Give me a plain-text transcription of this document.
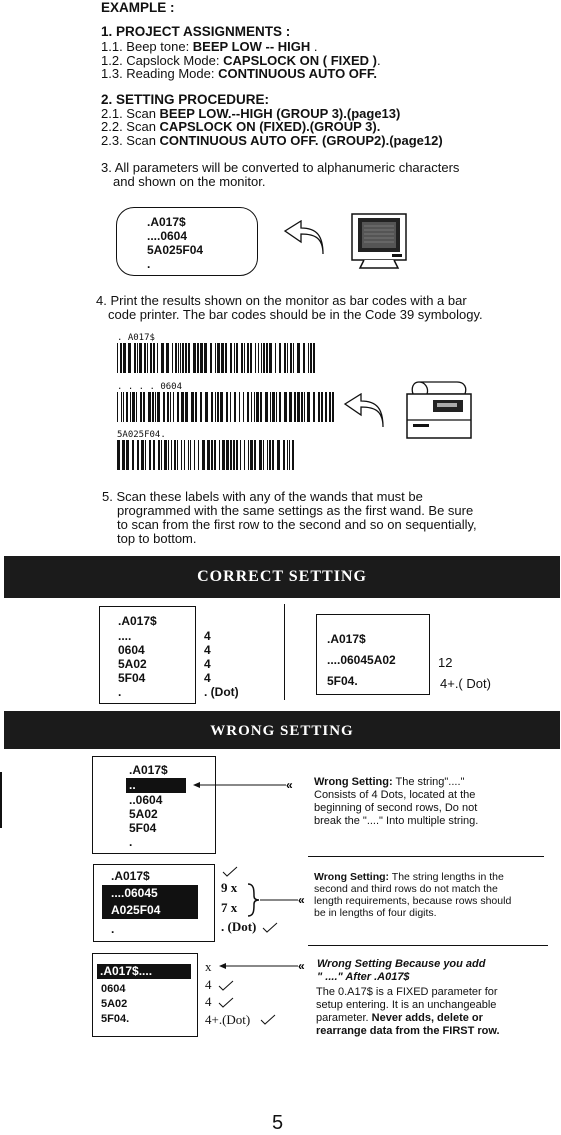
EXAMPLE :
1. PROJECT ASSIGNMENTS :
1.1. Beep tone: BEEP LOW -- HIGH .
1.2. Capslock Mode: CAPSLOCK ON ( FIXED ).
1.3. Reading Mode: CONTINUOUS AUTO OFF.
2. SETTING PROCEDURE:
2.1. Scan BEEP LOW.--HIGH (GROUP 3).(page13)
2.2. Scan CAPSLOCK ON (FIXED).(GROUP 3).
2.3. Scan CONTINUOUS AUTO OFF. (GROUP2).(page12)
3. All parameters will be converted to alphanumeric characters
and shown on the monitor.
.A017$
....0604
5A025F04
.
4. Print the results shown on the monitor as bar codes with a bar
code printer. The bar codes should be in the Code 39 symbology.
. A017$
. . . . 0604
5A025F04.
5. Scan these labels with any of the wands that must be
programmed with the same settings as the first wand. Be sure
to scan from the first row to the second and so on sequentially,
top to bottom.
CORRECT SETTING
.A017$
....
0604
5A02
5F04
.
4
4
4
4
. (Dot)
.A017$
....06045A02
5F04.
12
4+.( Dot)
WRONG SETTING
.A017$
..
..0604
5A02
5F04
.
« Wrong Setting: The string"...."
Consists of 4 Dots, located at the
beginning of second rows, Do not
break the "...." Into multiple string.
.A017$
....06045
A025F04
.
9 x
7 x
. (Dot)
«
Wrong Setting: The string lengths in the
second and third rows do not match the
length requirements, because rows should
be in lengths of four digits.
.A017$....
0604
5A02
5F04.
x	«
4
4
4+.(Dot)
Wrong Setting Because you add
" ...." After .A017$
The 0.A17$ is a FIXED parameter for
setup entering. It is an unchangeable
parameter. Never adds, delete or
rearrange data from the FIRST row.
5
